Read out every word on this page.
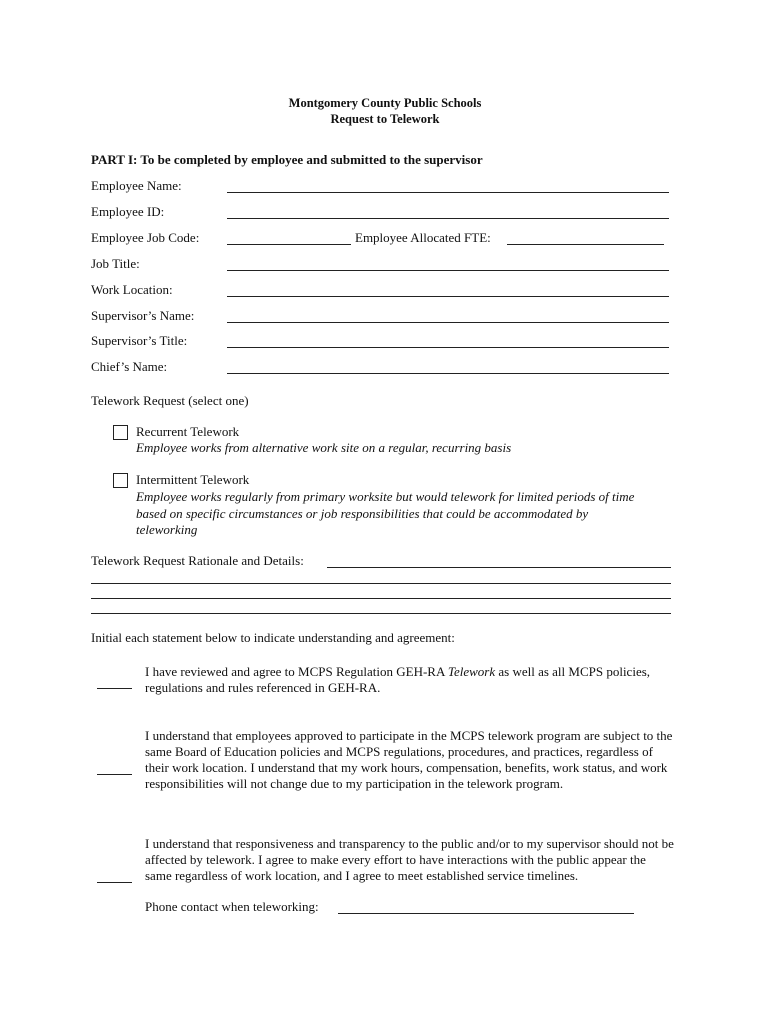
Montgomery County Public Schools
Request to Telework
PART I: To be completed by employee and submitted to the supervisor
Employee Name:
Employee ID:
Employee Job Code:	Employee Allocated FTE:
Job Title:
Work Location:
Supervisor’s Name:
Supervisor’s Title:
Chief’s Name:
Telework Request (select one)
Recurrent Telework
Employee works from alternative work site on a regular, recurring basis
Intermittent Telework
Employee works regularly from primary worksite but would telework for limited periods of time
based on specific circumstances or job responsibilities that could be accommodated by
teleworking
Telework Request Rationale and Details:
Initial each statement below to indicate understanding and agreement:
I have reviewed and agree to MCPS Regulation GEH-RA Telework as well as all MCPS policies, regulations and rules referenced in GEH-RA.
I understand that employees approved to participate in the MCPS telework program are subject to the same Board of Education policies and MCPS regulations, procedures, and practices, regardless of their work location. I understand that my work hours, compensation, benefits, work status, and work responsibilities will not change due to my participation in the telework program.
I understand that responsiveness and transparency to the public and/or to my supervisor should not be affected by telework. I agree to make every effort to have interactions with the public appear the same regardless of work location, and I agree to meet established service timelines.
Phone contact when teleworking:
